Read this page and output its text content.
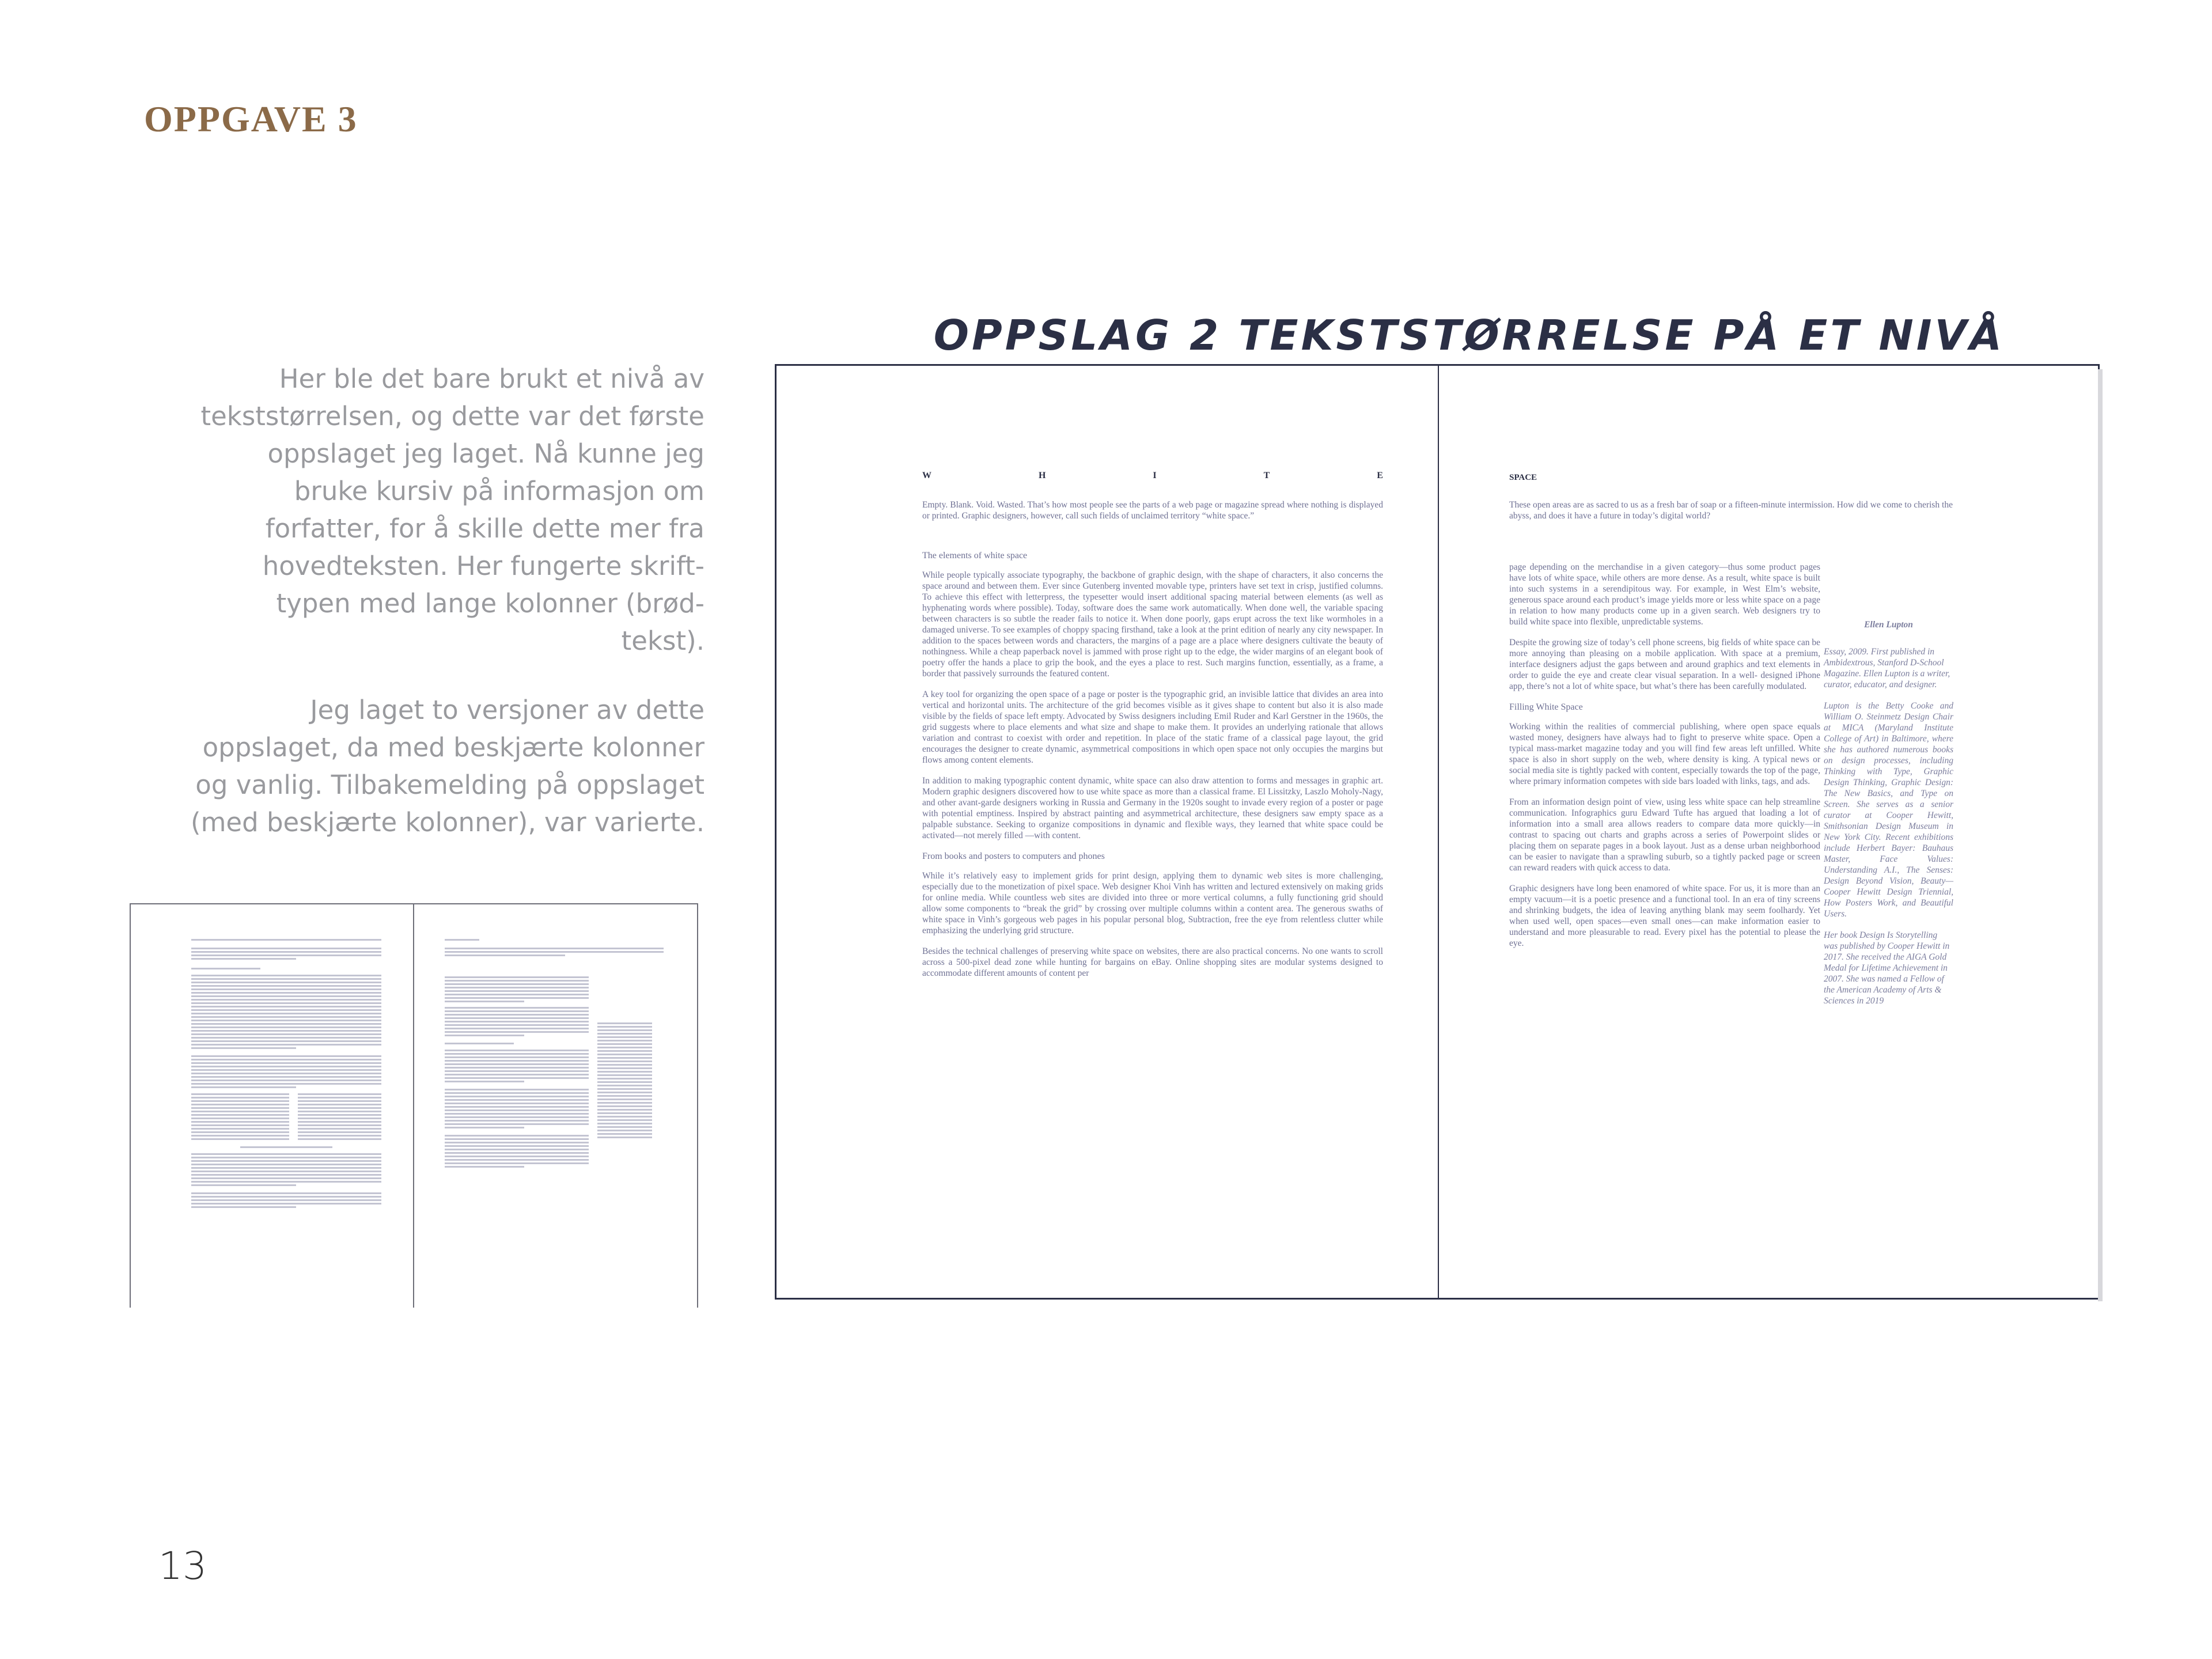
OPPGAVE 3
OPPSLAG 2 TEKSTSTØRRELSE PÅ ET NIVÅ

Her ble det bare brukt et nivå av tekststørrelsen, og dette var det første oppslaget jeg laget. Nå kunne jeg bruke kursiv på informasjon om forfatter, for å skille dette mer fra hovedteksten. Her fungerte skrift- typen med lange kolonner (brød- tekst).

Jeg laget to versjoner av dette oppslaget, da med beskjærte kolonner og vanlig. Tilbakemelding på oppslaget (med beskjærte kolonner), var varierte.

W	H	I	T	E

Empty. Blank. Void. Wasted. That’s how most people see the parts of a web page or magazine spread where nothing is displayed or printed. Graphic designers, however, call such fields of unclaimed territory “white space.”

The elements of white space

While people typically associate typography, the backbone of graphic design, with the shape of characters, it also concerns the space around and between them. Ever since Gutenberg invented movable type, printers have set text in crisp, justified columns. To achieve this effect with letterpress, the typesetter would insert additional spacing material between elements (as well as hyphenating words where possible). Today, software does the same work automatically. When done well, the variable spacing between characters is so subtle the reader fails to notice it. When done poorly, gaps erupt across the text like wormholes in a damaged universe. To see examples of choppy spacing firsthand, take a look at the print edition of nearly any city newspaper. In addition to the spaces between words and characters, the margins of a page are a place where designers cultivate the beauty of nothingness. While a cheap paperback novel is jammed with prose right up to the edge, the wider margins of an elegant book of poetry offer the hands a place to grip the book, and the eyes a place to rest. Such margins function, essentially, as a frame, a border that passively surrounds the featured content.

A key tool for organizing the open space of a page or poster is the typographic grid, an invisible lattice that divides an area into vertical and horizontal units. The architecture of the grid becomes visible as it gives shape to content but also it is also made visible by the fields of space left empty. Advocated by Swiss designers including Emil Ruder and Karl Gerstner in the 1960s, the grid suggests where to place elements and what size and shape to make them. It provides an underlying rationale that allows variation and contrast to coexist with order and repetition. In place of the static frame of a classical page layout, the grid encourages the designer to create dynamic, asymmetrical compositions in which open space not only occupies the margins but flows among content elements.

In addition to making typographic content dynamic, white space can also draw attention to forms and messages in graphic art. Modern graphic designers discovered how to use white space as more than a classical frame. El Lissitzky, Laszlo Moholy-Nagy, and other avant-garde designers working in Russia and Germany in the 1920s sought to invade every region of a poster or page with potential emptiness. Inspired by abstract painting and asymmetrical architecture, these designers saw empty space as a palpable substance. Seeking to organize compositions in dynamic and flexible ways, they learned that white space could be activated—not merely filled —with content.

From books and posters to computers and phones

While it’s relatively easy to implement grids for print design, applying them to dynamic web sites is more challenging, especially due to the monetization of pixel space. Web designer Khoi Vinh has written and lectured extensively on making grids for online media. While countless web sites are divided into three or more vertical columns, a fully functioning grid should allow some components to “break the grid” by crossing over multiple columns within a content area. The generous swaths of white space in Vinh’s gorgeous web pages in his popular personal blog, Subtraction, free the eye from relentless clutter while emphasizing the underlying grid structure.

Besides the technical challenges of preserving white space on websites, there are also practical concerns. No one wants to scroll across a 500-pixel dead zone while hunting for bargains on eBay. Online shopping sites are modular systems designed to accommodate different amounts of content per

SPACE

These open areas are as sacred to us as a fresh bar of soap or a fifteen-minute intermission. How did we come to cherish the abyss, and does it have a future in today’s digital world?

page depending on the merchandise in a given category—thus some product pages have lots of white space, while others are more dense. As a result, white space is built into such systems in a serendipitous way. For example, in West Elm’s website, generous space around each product’s image yields more or less white space on a page in relation to how many products come up in a given search. Web designers try to build white space into flexible, unpredictable systems.

Despite the growing size of today’s cell phone screens, big fields of white space can be more annoying than pleasing on a mobile application. With space at a premium, interface designers adjust the gaps between and around graphics and text elements in order to guide the eye and create clear visual separation. In a well- designed iPhone app, there’s not a lot of white space, but what’s there has been carefully modulated.

Filling White Space

Working within the realities of commercial publishing, where open space equals wasted money, designers have always had to fight to preserve white space. Open a typical mass-market magazine today and you will find few areas left unfilled. White space is also in short supply on the web, where density is king. A typical news or social media site is tightly packed with content, especially towards the top of the page, where primary information competes with side bars loaded with links, tags, and ads.

From an information design point of view, using less white space can help streamline communication. Infographics guru Edward Tufte has argued that loading a lot of information into a small area allows readers to compare data more quickly—in contrast to spacing out charts and graphs across a series of Powerpoint slides or placing them on separate pages in a book layout. Just as a dense urban neighborhood can be easier to navigate than a sprawling suburb, so a tightly packed page or screen can reward readers with quick access to data.

Graphic designers have long been enamored of white space. For us, it is more than an empty vacuum—it is a poetic presence and a functional tool. In an era of tiny screens and shrinking budgets, the idea of leaving anything blank may seem foolhardy. Yet when used well, open spaces—even small ones—can make information easier to understand and more pleasurable to read. Every pixel has the potential to please the eye.

Ellen Lupton

Essay, 2009. First published in Ambidextrous, Stanford D-School Magazine. Ellen Lupton is a writer, curator, educator, and designer.

Lupton is the Betty Cooke and William O. Steinmetz Design Chair at MICA (Maryland Institute College of Art) in Baltimore, where she has authored numerous books on design processes, including Thinking with Type, Graphic Design Thinking, Graphic Design: The New Basics, and Type on Screen. She serves as a senior curator at Cooper Hewitt, Smithsonian Design Museum in New York City. Recent exhibitions include Herbert Bayer: Bauhaus Master, Face Values: Understanding A.I., The Senses: Design Beyond Vision, Beauty—Cooper Hewitt Design Triennial, How Posters Work, and Beautiful Users.

Her book Design Is Storytelling was published by Cooper Hewitt in 2017. She received the AIGA Gold Medal for Lifetime Achievement in 2007. She was named a Fellow of the American Academy of Arts & Sciences in 2019

13
